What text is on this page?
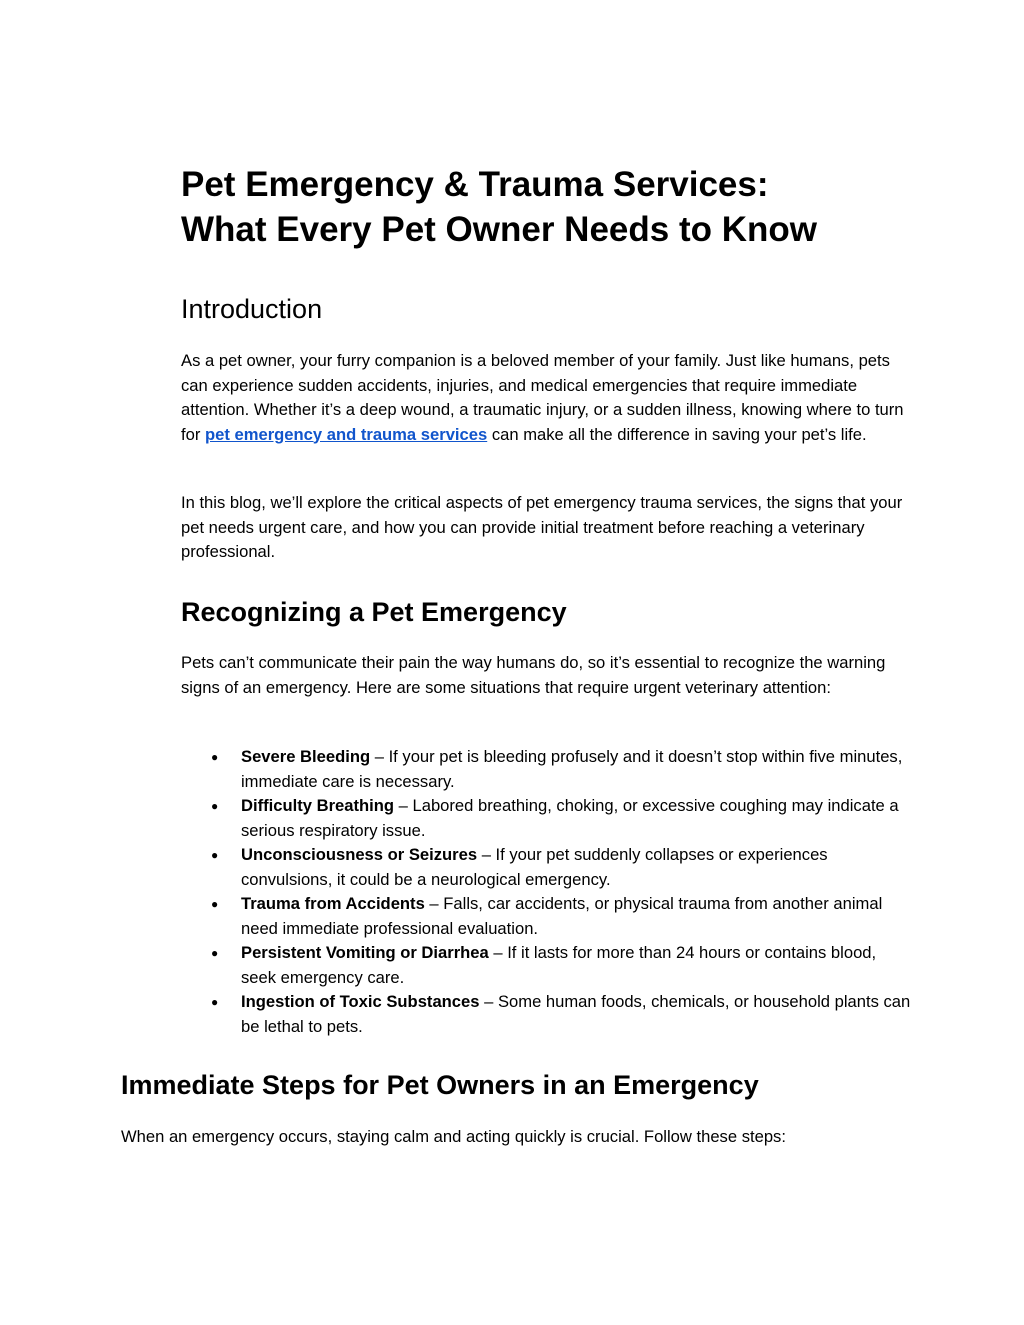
Pet Emergency & Trauma Services:
What Every Pet Owner Needs to Know
Introduction

As a pet owner, your furry companion is a beloved member of your family. Just like humans, pets can experience sudden accidents, injuries, and medical emergencies that require immediate attention. Whether it’s a deep wound, a traumatic injury, or a sudden illness, knowing where to turn for pet emergency and trauma services can make all the difference in saving your pet’s life.

In this blog, we’ll explore the critical aspects of pet emergency trauma services, the signs that your pet needs urgent care, and how you can provide initial treatment before reaching a veterinary professional.

Recognizing a Pet Emergency

Pets can’t communicate their pain the way humans do, so it’s essential to recognize the warning signs of an emergency. Here are some situations that require urgent veterinary attention:

● Severe Bleeding – If your pet is bleeding profusely and it doesn’t stop within five minutes, immediate care is necessary.
● Difficulty Breathing – Labored breathing, choking, or excessive coughing may indicate a serious respiratory issue.
● Unconsciousness or Seizures – If your pet suddenly collapses or experiences convulsions, it could be a neurological emergency.
● Trauma from Accidents – Falls, car accidents, or physical trauma from another animal need immediate professional evaluation.
● Persistent Vomiting or Diarrhea – If it lasts for more than 24 hours or contains blood, seek emergency care.
● Ingestion of Toxic Substances – Some human foods, chemicals, or household plants can be lethal to pets.
Immediate Steps for Pet Owners in an Emergency

When an emergency occurs, staying calm and acting quickly is crucial. Follow these steps:
